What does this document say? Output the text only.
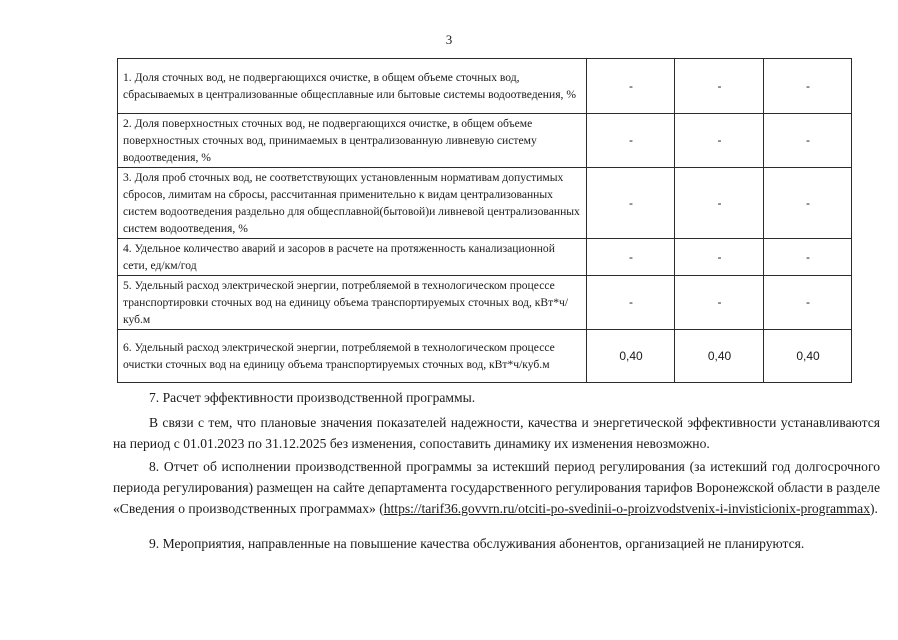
3
1. Доля сточных вод, не подвергающихся очистке, в общем объеме сточных вод, сбрасываемых в централизованные общесплавные или бытовые системы водоотведения, %	-	-	-
2. Доля поверхностных сточных вод, не подвергающихся очистке, в общем объеме поверхностных сточных вод, принимаемых в централизованную ливневую систему водоотведения, %	-	-	-
3. Доля проб сточных вод, не соответствующих установленным нормативам допустимых сбросов, лимитам на сбросы, рассчитанная применительно к видам централизованных систем водоотведения раздельно для общесплавной(бытовой)и ливневой централизованных систем водоотведения, %	-	-	-
4. Удельное количество аварий и засоров в расчете на протяженность канализационной сети, ед/км/год	-	-	-
5. Удельный расход электрической энергии, потребляемой в технологическом процессе транспортировки сточных вод на единицу объема транспортируемых сточных вод, кВт*ч/куб.м	-	-	-
6. Удельный расход электрической энергии, потребляемой в технологическом процессе очистки сточных вод на единицу объема транспортируемых сточных вод, кВт*ч/куб.м	0,40	0,40	0,40
7. Расчет эффективности производственной программы.
В связи с тем, что плановые значения показателей надежности, качества и энергетической эффективности устанавливаются на период с 01.01.2023 по 31.12.2025 без изменения, сопоставить динамику их изменения невозможно.
8. Отчет об исполнении производственной программы за истекший период регулирования (за истекший год долгосрочного периода регулирования) размещен на сайте департамента государственного регулирования тарифов Воронежской области в разделе «Сведения о производственных программах» (https://tarif36.govvrn.ru/otciti-po-svedinii-o-proizvodstvenix-i-invisticionix-programmax).
9. Мероприятия, направленные на повышение качества обслуживания абонентов, организацией не планируются.
